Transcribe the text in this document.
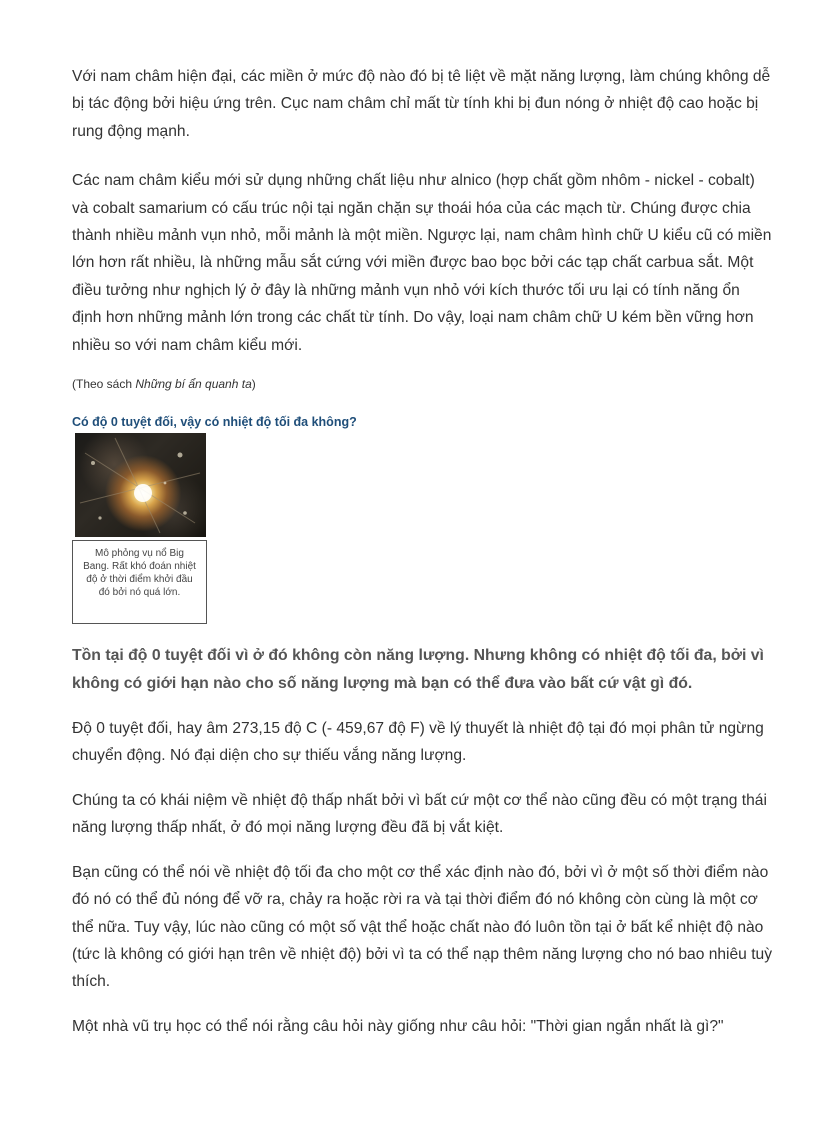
Với nam châm hiện đại, các miền ở mức độ nào đó bị tê liệt về mặt năng lượng, làm chúng không dễ bị tác động bởi hiệu ứng trên. Cục nam châm chỉ mất từ tính khi bị đun nóng ở nhiệt độ cao hoặc bị rung động mạnh.

Các nam châm kiểu mới sử dụng những chất liệu như alnico (hợp chất gồm nhôm - nickel - cobalt) và cobalt samarium có cấu trúc nội tại ngăn chặn sự thoái hóa của các mạch từ. Chúng được chia thành nhiều mảnh vụn nhỏ, mỗi mảnh là một miền. Ngược lại, nam châm hình chữ U kiểu cũ có miền lớn hơn rất nhiều, là những mẫu sắt cứng với miền được bao bọc bởi các tạp chất carbua sắt. Một điều tưởng như nghịch lý ở đây là những mảnh vụn nhỏ với kích thước tối ưu lại có tính năng ổn định hơn những mảnh lớn trong các chất từ tính. Do vậy, loại nam châm chữ U kém bền vững hơn nhiều so với nam châm kiểu mới.

(Theo sách Những bí ẩn quanh ta)

Có độ 0 tuyệt đối, vậy có nhiệt độ tối đa không?
Mô phỏng vụ nổ Big Bang. Rất khó đoán nhiệt độ ở thời điểm khởi đầu đó bởi nó quá lớn.

Tồn tại độ 0 tuyệt đối vì ở đó không còn năng lượng. Nhưng không có nhiệt độ tối đa, bởi vì không có giới hạn nào cho số năng lượng mà bạn có thể đưa vào bất cứ vật gì đó.

Độ 0 tuyệt đối, hay âm 273,15 độ C (- 459,67 độ F) về lý thuyết là nhiệt độ tại đó mọi phân tử ngừng chuyển động. Nó đại diện cho sự thiếu vắng năng lượng.

Chúng ta có khái niệm về nhiệt độ thấp nhất bởi vì bất cứ một cơ thể nào cũng đều có một trạng thái năng lượng thấp nhất, ở đó mọi năng lượng đều đã bị vắt kiệt.

Bạn cũng có thể nói về nhiệt độ tối đa cho một cơ thể xác định nào đó, bởi vì ở một số thời điểm nào đó nó có thể đủ nóng để vỡ ra, chảy ra hoặc rời ra và tại thời điểm đó nó không còn cùng là một cơ thể nữa. Tuy vậy, lúc nào cũng có một số vật thể hoặc chất nào đó luôn tồn tại ở bất kể nhiệt độ nào (tức là không có giới hạn trên về nhiệt độ) bởi vì ta có thể nạp thêm năng lượng cho nó bao nhiêu tuỳ thích.

Một nhà vũ trụ học có thể nói rằng câu hỏi này giống như câu hỏi: "Thời gian ngắn nhất là gì?"
